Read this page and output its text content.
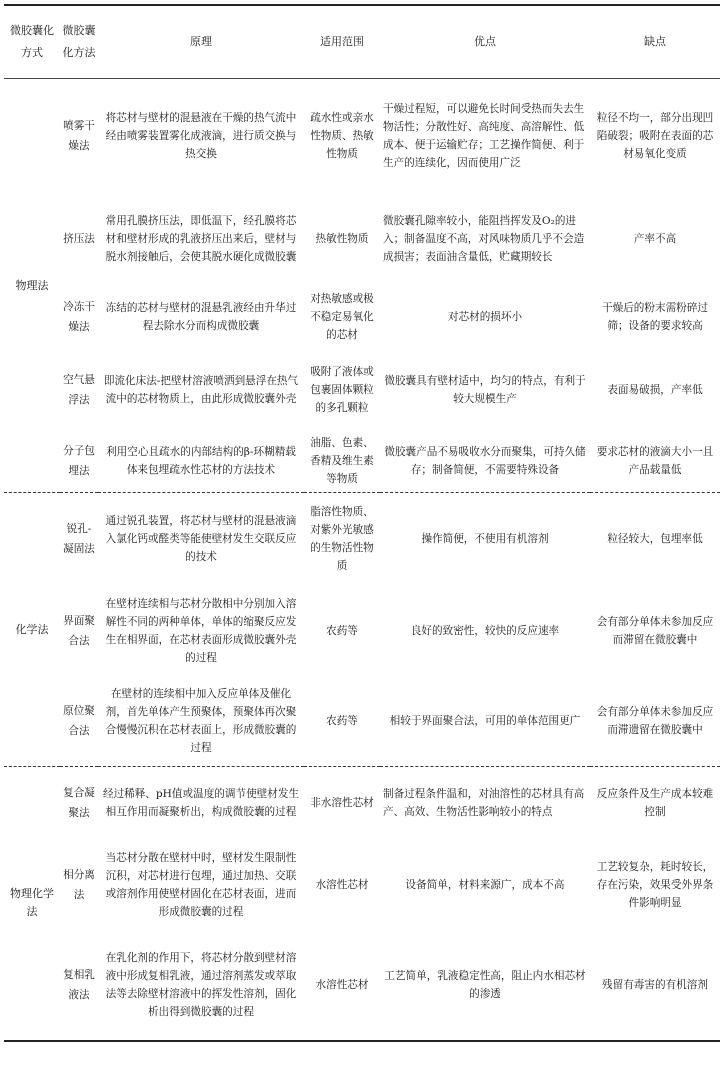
微胶囊化方式	微胶囊化方法	原理	适用范围	优点	缺点
物理法	喷雾干燥法	将芯材与壁材的混悬液在干燥的热气流中经由喷雾装置雾化成液滴，进行质交换与热交换	疏水性或亲水性物质、热敏性物质	干燥过程短，可以避免长时间受热而失去生物活性；分散性好、高纯度、高溶解性、低成本、便于运输贮存；工艺操作简便、利于生产的连续化，因而使用广泛	粒径不均一，部分出现凹陷破裂；吸附在表面的芯材易氧化变质
	挤压法	常用孔膜挤压法，即低温下，经孔膜将芯材和壁材形成的乳液挤压出来后，壁材与脱水剂接触后，会使其脱水硬化成微胶囊	热敏性物质	微胶囊孔隙率较小，能阻挡挥发及O₂的进入；制备温度不高，对风味物质几乎不会造成损害；表面油含量低，贮藏期较长	产率不高
	冷冻干燥法	冻结的芯材与壁材的混悬乳液经由升华过程去除水分而构成微胶囊	对热敏感或极不稳定易氧化的芯材	对芯材的损坏小	干燥后的粉末需粉碎过筛；设备的要求较高
	空气悬浮法	即流化床法-把壁材溶液喷洒到悬浮在热气流中的芯材物质上，由此形成微胶囊外壳	吸附了液体或包裹固体颗粒的多孔颗粒	微胶囊具有壁材适中，均匀的特点，有利于较大规模生产	表面易破损，产率低
	分子包埋法	利用空心且疏水的内部结构的β-环糊精载体来包埋疏水性芯材的方法技术	油脂、色素、香精及维生素等物质	微胶囊产品不易吸收水分而聚集，可持久储存；制备简便，不需要特殊设备	要求芯材的液滴大小一且产品载量低
化学法	锐孔-凝固法	通过锐孔装置，将芯材与壁材的混悬液滴入氯化钙或醛类等能使壁材发生交联反应的技术	脂溶性物质、对紫外光敏感的生物活性物质	操作简便，不使用有机溶剂	粒径较大，包埋率低
	界面聚合法	在壁材连续相与芯材分散相中分别加入溶解性不同的两种单体，单体的缩聚反应发生在相界面，在芯材表面形成微胶囊外壳的过程	农药等	良好的致密性，较快的反应速率	会有部分单体未参加反应而滞留在微胶囊中
	原位聚合法	在壁材的连续相中加入反应单体及催化剂，首先单体产生预聚体，预聚体再次聚合慢慢沉积在芯材表面上，形成微胶囊的过程	农药等	相较于界面聚合法，可用的单体范围更广	会有部分单体未参加反应而滞遗留在微胶囊中
物理化学法	复合凝聚法	经过稀释、pH值或温度的调节使壁材发生相互作用而凝聚析出，构成微胶囊的过程	非水溶性芯材	制备过程条件温和，对油溶性的芯材具有高产、高效、生物活性影响较小的特点	反应条件及生产成本较难控制
	相分离法	当芯材分散在壁材中时，壁材发生限制性沉积，对芯材进行包埋，通过加热、交联或溶剂作用使壁材固化在芯材表面，进而形成微胶囊的过程	水溶性芯材	设备简单，材料来源广，成本不高	工艺较复杂，耗时较长，存在污染，效果受外界条件影响明显
	复相乳液法	在乳化剂的作用下，将芯材分散到壁材溶液中形成复相乳液，通过溶剂蒸发或萃取法等去除壁材溶液中的挥发性溶剂，固化析出得到微胶囊的过程	水溶性芯材	工艺简单，乳液稳定性高，阻止内水相芯材的渗透	残留有毒害的有机溶剂
